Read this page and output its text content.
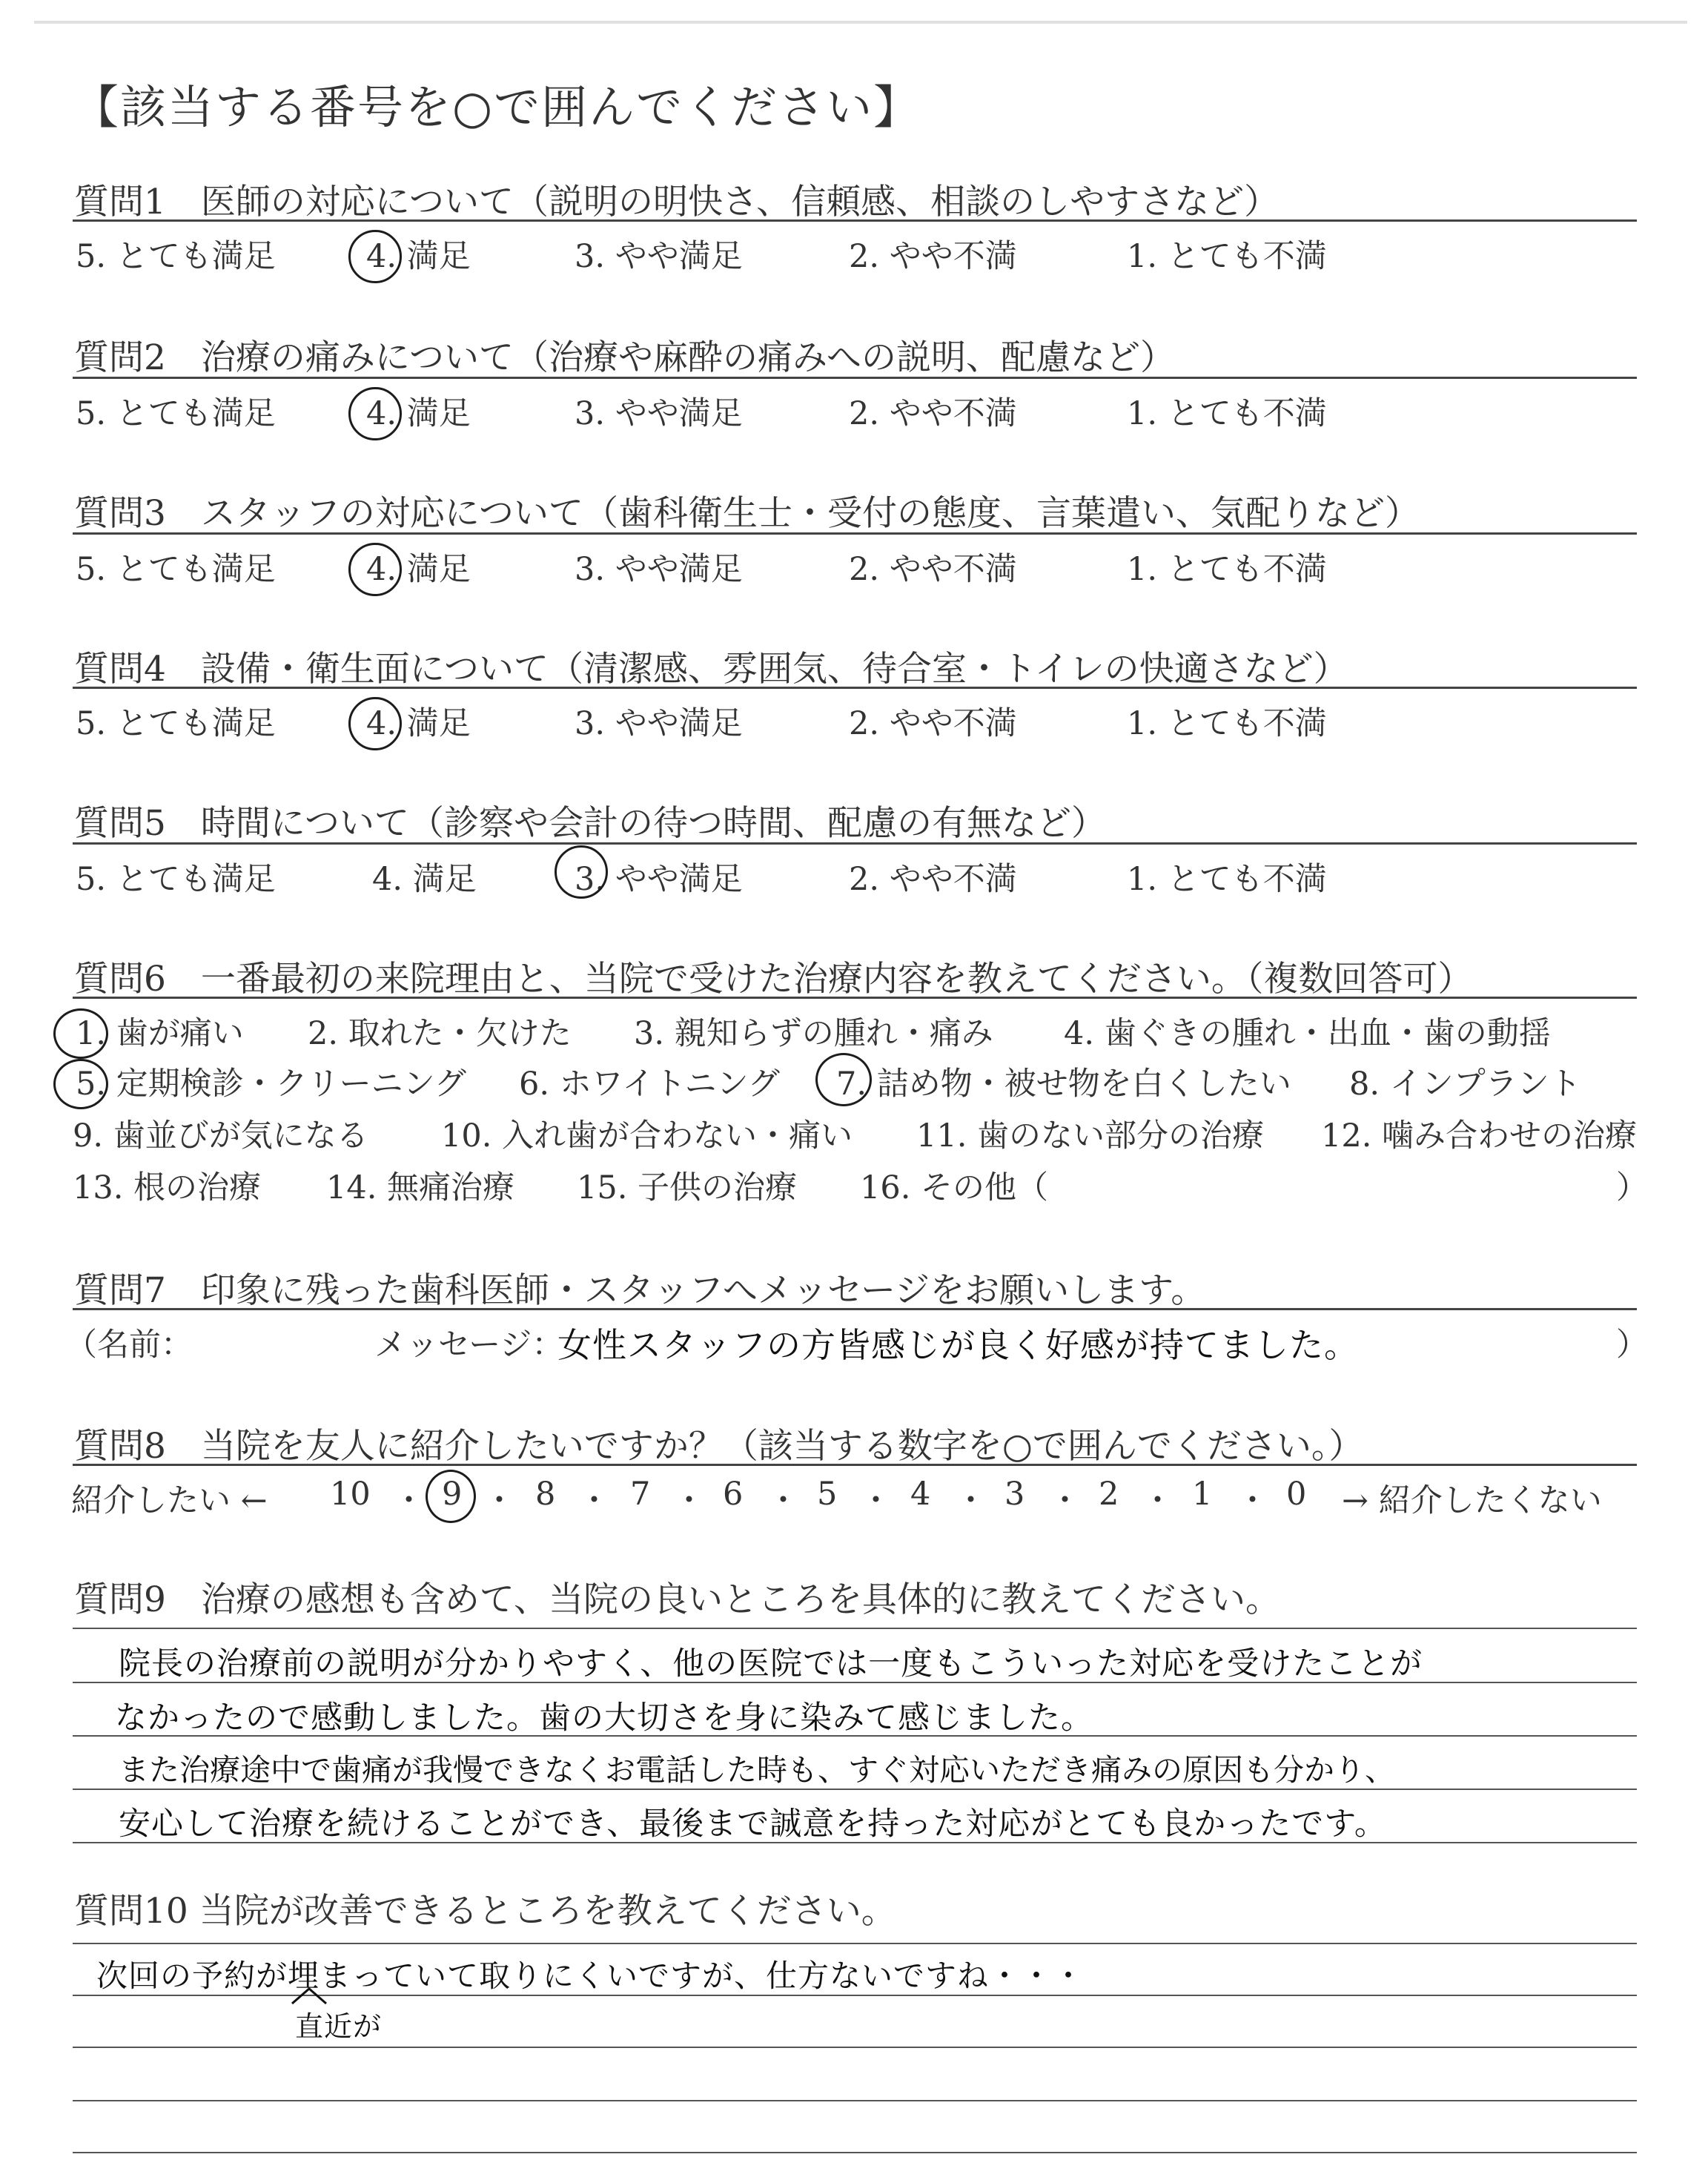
【該当する番号を○で囲んでください】
質問1　医師の対応について（説明の明快さ、信頼感、相談のしやすさなど）
5. とても満足	4. 満足	3. やや満足	2. やや不満	1. とても不満
質問2　治療の痛みについて（治療や麻酔の痛みへの説明、配慮など）
5. とても満足	4. 満足	3. やや満足	2. やや不満	1. とても不満
質問3　スタッフの対応について（歯科衛生士・受付の態度、言葉遣い、気配りなど）
5. とても満足	4. 満足	3. やや満足	2. やや不満	1. とても不満
質問4　設備・衛生面について（清潔感、雰囲気、待合室・トイレの快適さなど）
5. とても満足	4. 満足	3. やや満足	2. やや不満	1. とても不満
質問5　時間について（診察や会計の待つ時間、配慮の有無など）
5. とても満足	4. 満足	3. やや満足	2. やや不満	1. とても不満
質問6　一番最初の来院理由と、当院で受けた治療内容を教えてください。（複数回答可）
1. 歯が痛い 2. 取れた・欠けた 3. 親知らずの腫れ・痛み 4. 歯ぐきの腫れ・出血・歯の動揺
5. 定期検診・クリーニング 6. ホワイトニング 7. 詰め物・被せ物を白くしたい 8. インプラント
9. 歯並びが気になる 10. 入れ歯が合わない・痛い 11. 歯のない部分の治療 12. 噛み合わせの治療
13. 根の治療 14. 無痛治療 15. 子供の治療 16. その他（	）
質問7　印象に残った歯科医師・スタッフへメッセージをお願いします。
（名前：	メッセージ：
女性スタッフの方皆感じが良く好感が持てました。	）
質問8　当院を友人に紹介したいですか？（該当する数字を○で囲んでください。）
紹介したい ← 10 ・ 9 ・ 8 ・ 7 ・ 6 ・ 5 ・ 4 ・ 3 ・ 2 ・ 1 ・ 0 → 紹介したくない
質問9　治療の感想も含めて、当院の良いところを具体的に教えてください。
院長の治療前の説明が分かりやすく、他の医院では一度もこういった対応を受けたことが
なかったので感動しました。歯の大切さを身に染みて感じました。
また治療途中で歯痛が我慢できなくお電話した時も、すぐ対応いただき痛みの原因も分かり、
安心して治療を続けることができ、最後まで誠意を持った対応がとても良かったです。
質問10 当院が改善できるところを教えてください。
次回の予約が埋まっていて取りにくいですが、仕方ないですね・・・
直近が
